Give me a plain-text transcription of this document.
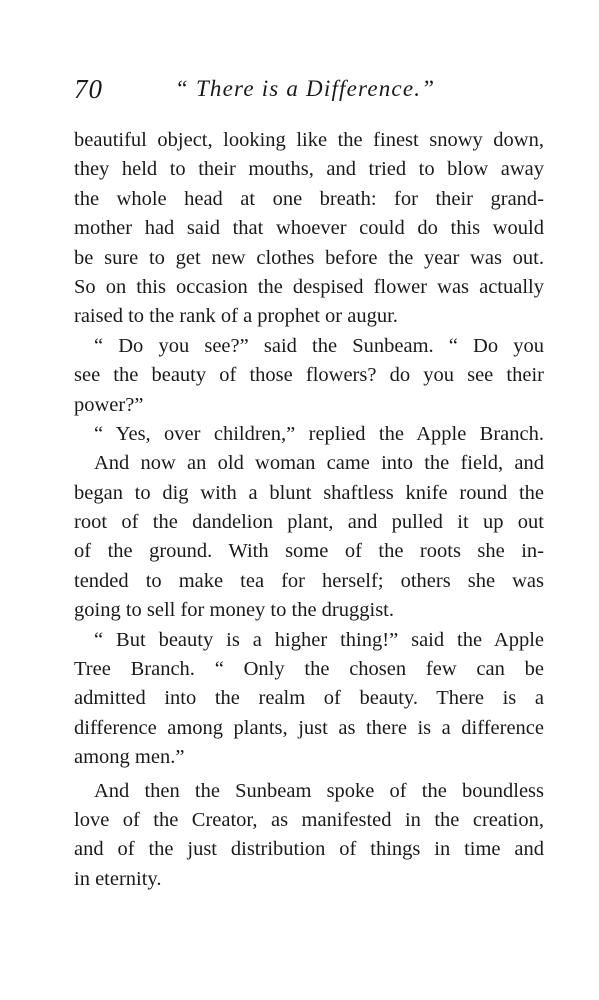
70	“ There is a Difference.”
beautiful object, looking like the finest snowy down,
they held to their mouths, and tried to blow away
the whole head at one breath: for their grand-
mother had said that whoever could do this would
be sure to get new clothes before the year was out.
So on this occasion the despised flower was actually
raised to the rank of a prophet or augur.
“ Do you see?” said the Sunbeam. “ Do you
see the beauty of those flowers? do you see their
power?”
“ Yes, over children,” replied the Apple Branch.
And now an old woman came into the field, and
began to dig with a blunt shaftless knife round the
root of the dandelion plant, and pulled it up out
of the ground. With some of the roots she in-
tended to make tea for herself; others she was
going to sell for money to the druggist.
“ But beauty is a higher thing!” said the Apple
Tree Branch. “ Only the chosen few can be
admitted into the realm of beauty. There is a
difference among plants, just as there is a difference
among men.”
And then the Sunbeam spoke of the boundless
love of the Creator, as manifested in the creation,
and of the just distribution of things in time and
in eternity.
